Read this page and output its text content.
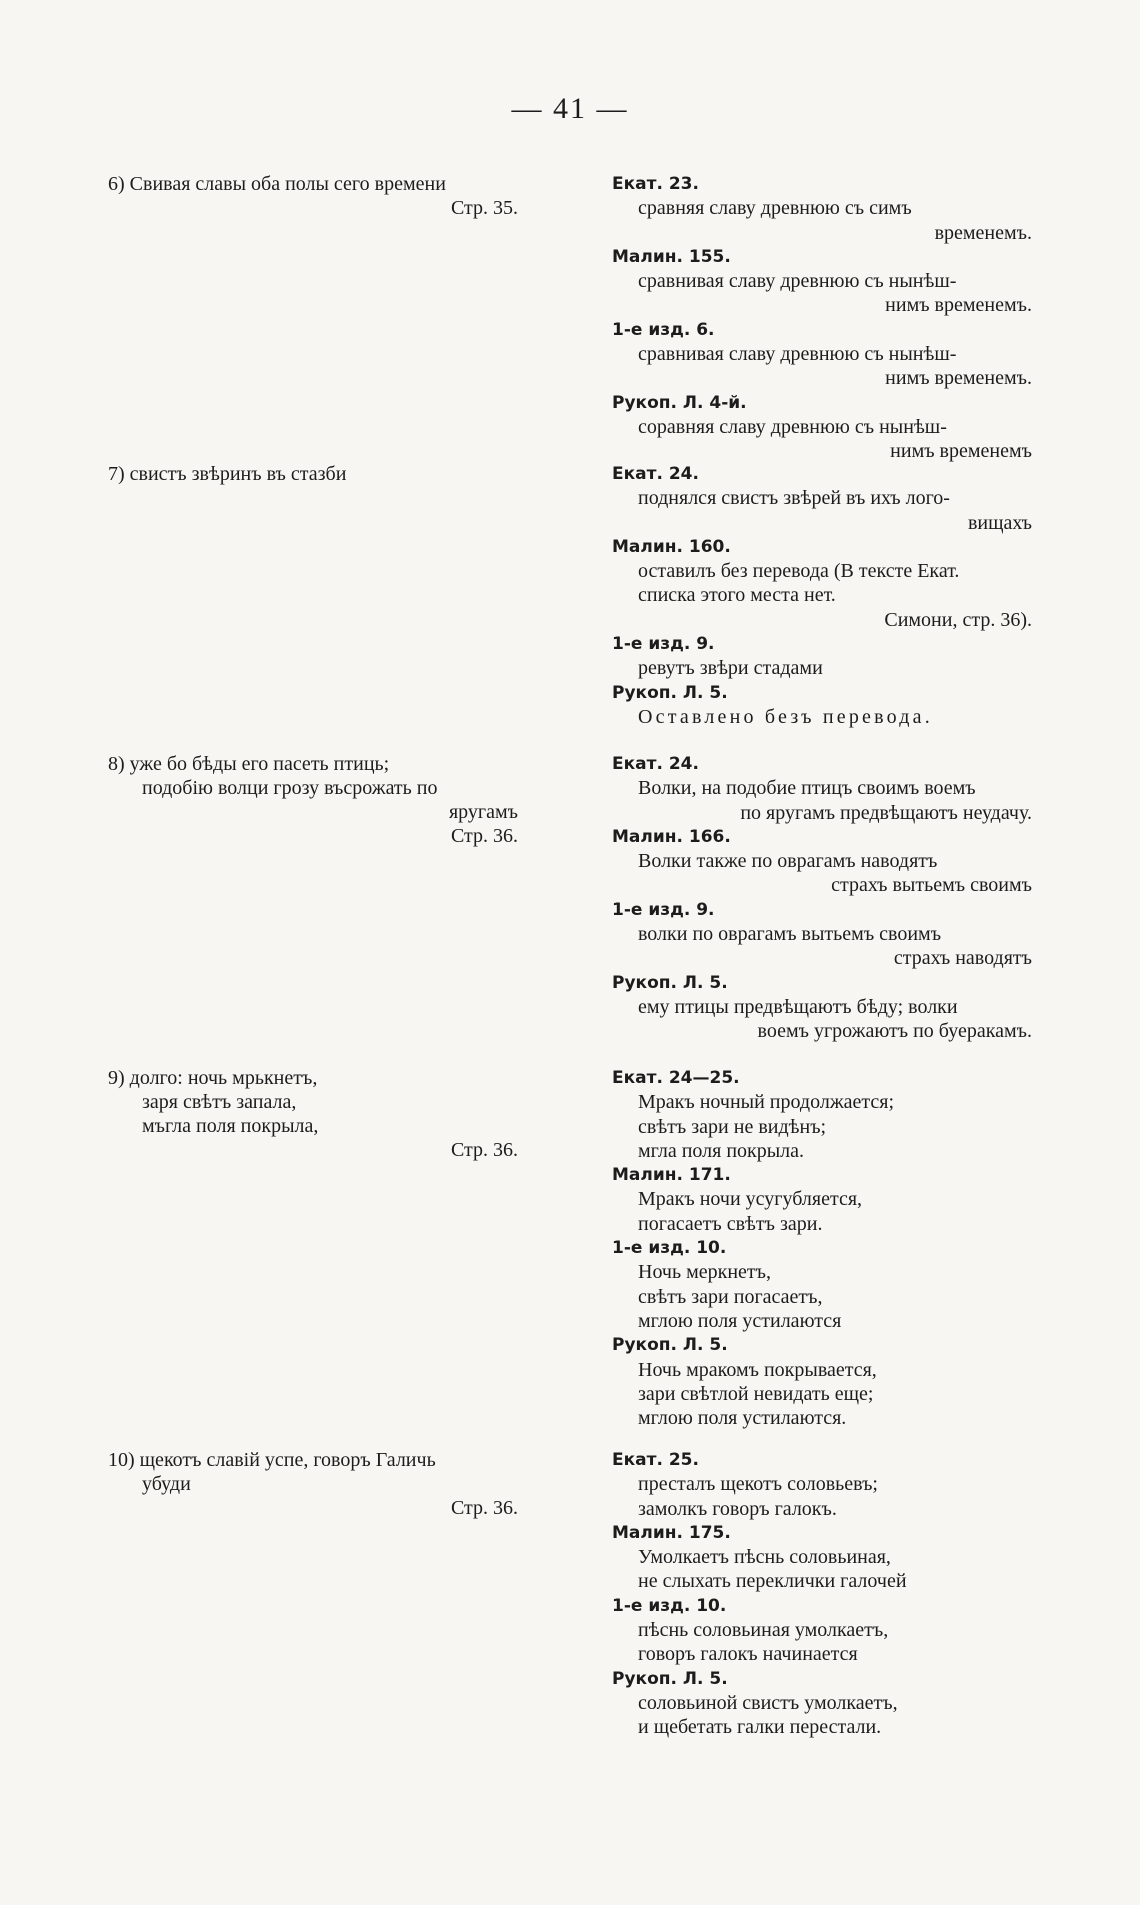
— 41 —
6) Свивая славы оба полы сего времени
Стр. 35.
Екат. 23.
сравняя славу древнюю съ симъ
временемъ.
Малин. 155.
сравнивая славу древнюю съ нынѣш-
нимъ временемъ.
1-е изд. 6.
сравнивая славу древнюю съ нынѣш-
нимъ временемъ.
Рукоп. Л. 4-й.
соравняя славу древнюю съ нынѣш-
нимъ временемъ
7) свистъ звѣринъ въ стазби	Екат. 24.
поднялся свистъ звѣрей въ ихъ лого-
вищахъ
Малин. 160.
оставилъ без перевода (В тексте Екат.
списка этого места нет.
Симони, стр. 36).
1-е изд. 9.
ревутъ звѣри стадами
Рукоп. Л. 5.
Оставлено безъ перевода.
8) уже бо бѣды его пасеть птиць;
подобію волци грозу въсрожать по
яругамъ
Стр. 36.
Екат. 24.
Волки, на подобие птицъ своимъ воемъ
по яругамъ предвѣщаютъ неудачу.
Малин. 166.
Волки также по оврагамъ наводятъ
страхъ вытьемъ своимъ
1-е изд. 9.
волки по оврагамъ вытьемъ своимъ
страхъ наводятъ
Рукоп. Л. 5.
ему птицы предвѣщаютъ бѣду; волки
воемъ угрожаютъ по буеракамъ.
9) долго: ночь мрькнетъ,
заря свѣтъ запала,
мъгла поля покрыла,
Стр. 36.
Екат. 24—25.
Мракъ ночный продолжается;
свѣтъ зари не видѣнъ;
мгла поля покрыла.
Малин. 171.
Мракъ ночи усугубляется,
погасаетъ свѣтъ зари.
1-е изд. 10.
Ночь меркнетъ,
свѣтъ зари погасаетъ,
мглою поля устилаются
Рукоп. Л. 5.
Ночь мракомъ покрывается,
зари свѣтлой невидать еще;
мглою поля устилаются.
10) щекотъ славій успе, говоръ Галичь
убуди
Стр. 36.
Екат. 25.
престалъ щекотъ соловьевъ;
замолкъ говоръ галокъ.
Малин. 175.
Умолкаетъ пѣснь соловьиная,
не слыхать переклички галочей
1-е изд. 10.
пѣснь соловьиная умолкаетъ,
говоръ галокъ начинается
Рукоп. Л. 5.
соловьиной свистъ умолкаетъ,
и щебетать галки перестали.
